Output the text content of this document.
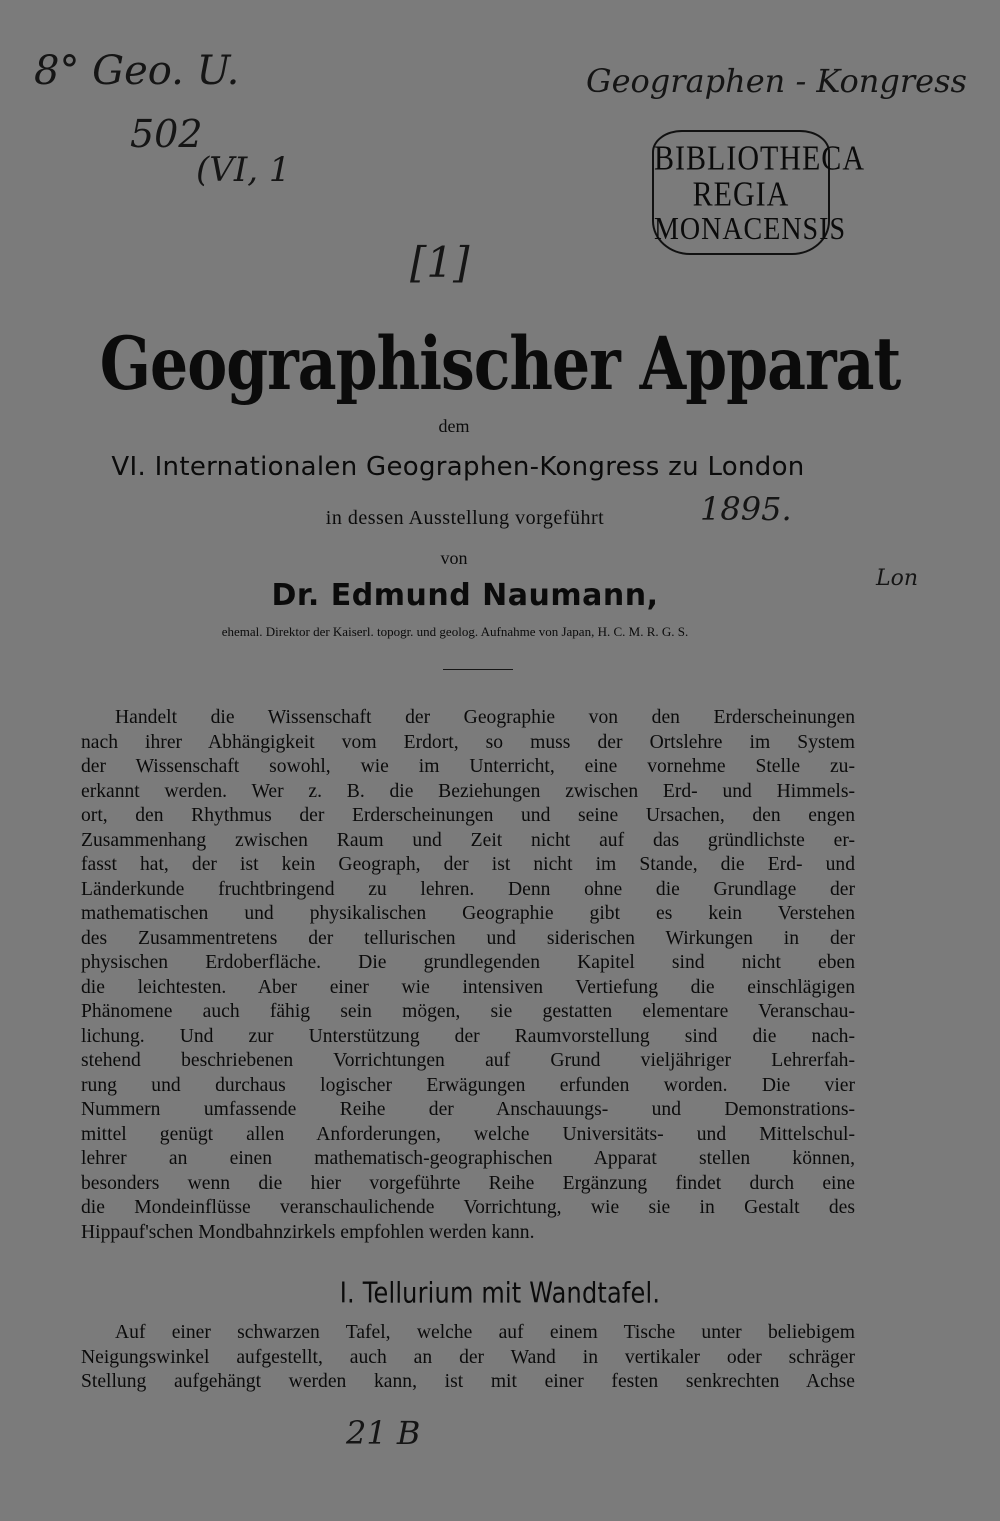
8° Geo. U.
502
(VI, 1
Geographen - Kongress
[1]
BIBLIOTHECA
REGIA
MONACENSIS
Geographischer Apparat
dem
VI. Internationalen Geographen-Kongress zu London
in dessen Ausstellung vorgeführt	1895.
von
Dr. Edmund Naumann,	Lon
ehemal. Direktor der Kaiserl. topogr. und geolog. Aufnahme von Japan, H. C. M. R. G. S.
Handelt die Wissenschaft der Geographie von den Erderscheinungen
nach ihrer Abhängigkeit vom Erdort, so muss der Ortslehre im System
der Wissenschaft sowohl, wie im Unterricht, eine vornehme Stelle zu-
erkannt werden. Wer z. B. die Beziehungen zwischen Erd- und Himmels-
ort, den Rhythmus der Erderscheinungen und seine Ursachen, den engen
Zusammenhang zwischen Raum und Zeit nicht auf das gründlichste er-
fasst hat, der ist kein Geograph, der ist nicht im Stande, die Erd- und
Länderkunde fruchtbringend zu lehren. Denn ohne die Grundlage der
mathematischen und physikalischen Geographie gibt es kein Verstehen
des Zusammentretens der tellurischen und siderischen Wirkungen in der
physischen Erdoberfläche. Die grundlegenden Kapitel sind nicht eben
die leichtesten. Aber einer wie intensiven Vertiefung die einschlägigen
Phänomene auch fähig sein mögen, sie gestatten elementare Veranschau-
lichung. Und zur Unterstützung der Raumvorstellung sind die nach-
stehend beschriebenen Vorrichtungen auf Grund vieljähriger Lehrerfah-
rung und durchaus logischer Erwägungen erfunden worden. Die vier
Nummern umfassende Reihe der Anschauungs- und Demonstrations-
mittel genügt allen Anforderungen, welche Universitäts- und Mittelschul-
lehrer an einen mathematisch-geographischen Apparat stellen können,
besonders wenn die hier vorgeführte Reihe Ergänzung findet durch eine
die Mondeinflüsse veranschaulichende Vorrichtung, wie sie in Gestalt des
Hippauf'schen Mondbahnzirkels empfohlen werden kann.
I. Tellurium mit Wandtafel.
Auf einer schwarzen Tafel, welche auf einem Tische unter beliebigem
Neigungswinkel aufgestellt, auch an der Wand in vertikaler oder schräger
Stellung aufgehängt werden kann, ist mit einer festen senkrechten Achse
21 B
